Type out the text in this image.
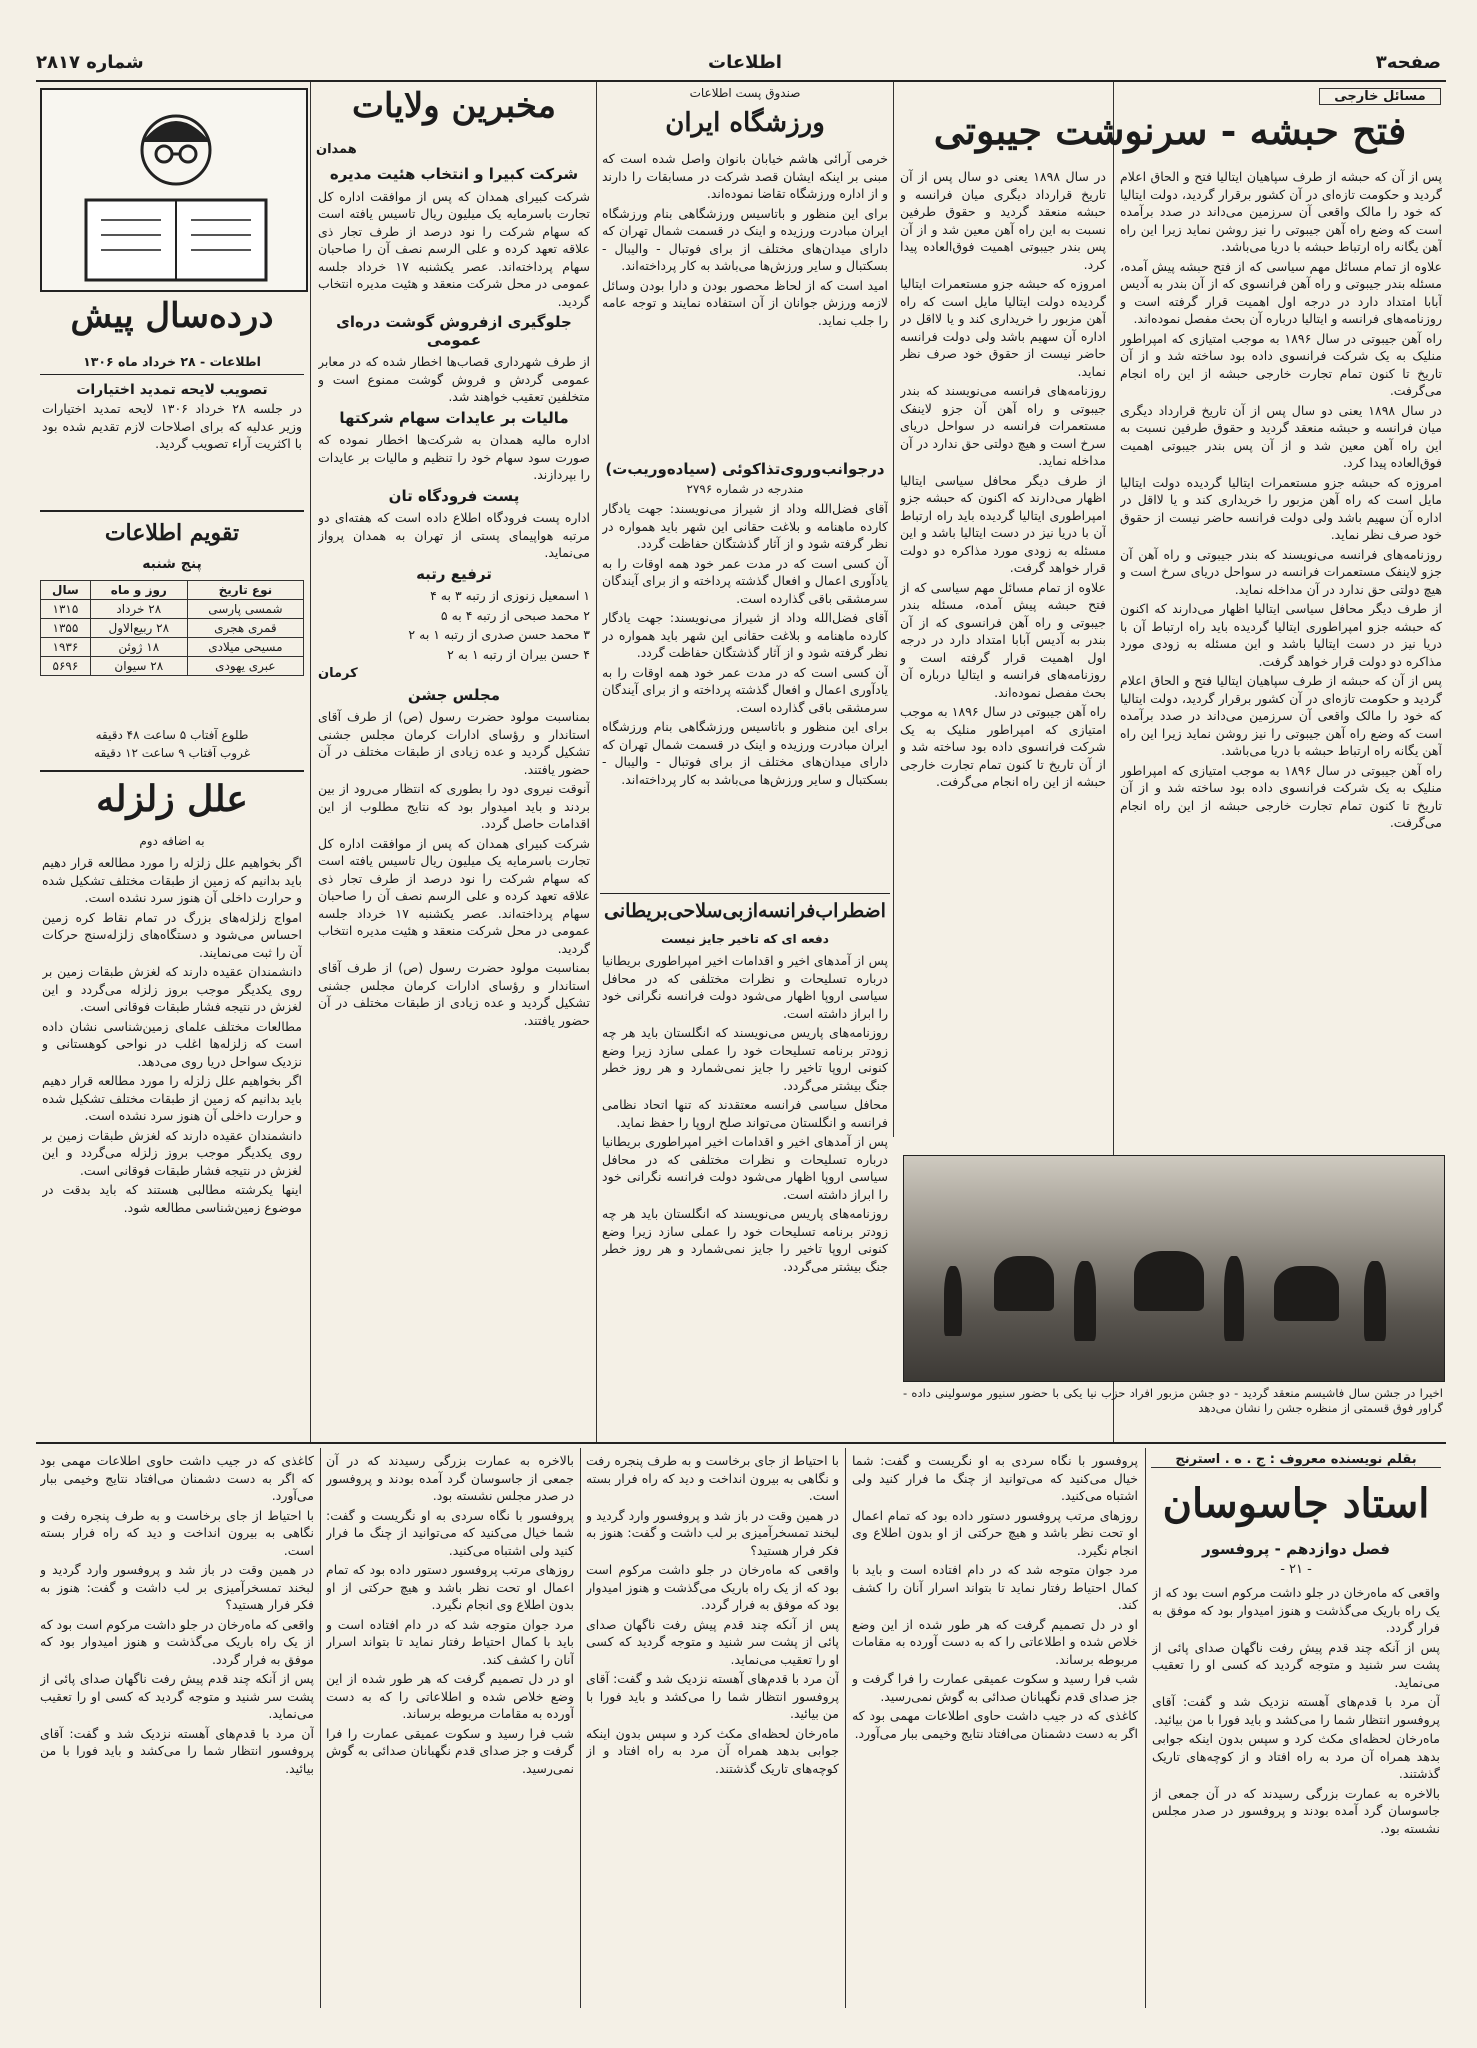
صفحه۳
اطلاعات
شماره ۲۸۱۷
مسائل خارجی
فتح حبشه - سرنوشت جیبوتی

پس از آن که حبشه از طرف سپاهیان ایتالیا فتح و الحاق اعلام گردید و حکومت تازه‌ای در آن کشور برقرار گردید، دولت ایتالیا که خود را مالک واقعی آن سرزمین می‌داند در صدد برآمده است که وضع راه آهن جیبوتی را نیز روشن نماید زیرا این راه آهن یگانه راه ارتباط حبشه با دریا می‌باشد.

علاوه از تمام مسائل مهم سیاسی که از فتح حبشه پیش آمده، مسئله بندر جیبوتی و راه آهن فرانسوی که از آن بندر به آدیس آبابا امتداد دارد در درجه اول اهمیت قرار گرفته است و روزنامه‌های فرانسه و ایتالیا درباره آن بحث مفصل نموده‌اند.

راه آهن جیبوتی در سال ۱۸۹۶ به موجب امتیازی که امپراطور منلیک به یک شرکت فرانسوی داده بود ساخته شد و از آن تاریخ تا کنون تمام تجارت خارجی حبشه از این راه انجام می‌گرفت.

در سال ۱۸۹۸ یعنی دو سال پس از آن تاریخ قرارداد دیگری میان فرانسه و حبشه منعقد گردید و حقوق طرفین نسبت به این راه آهن معین شد و از آن پس بندر جیبوتی اهمیت فوق‌العاده پیدا کرد.

امروزه که حبشه جزو مستعمرات ایتالیا گردیده دولت ایتالیا مایل است که راه آهن مزبور را خریداری کند و یا لااقل در اداره آن سهیم باشد ولی دولت فرانسه حاضر نیست از حقوق خود صرف نظر نماید.

روزنامه‌های فرانسه می‌نویسند که بندر جیبوتی و راه آهن آن جزو لاینفک مستعمرات فرانسه در سواحل دریای سرخ است و هیچ دولتی حق ندارد در آن مداخله نماید.

از طرف دیگر محافل سیاسی ایتالیا اظهار می‌دارند که اکنون که حبشه جزو امپراطوری ایتالیا گردیده باید راه ارتباط آن با دریا نیز در دست ایتالیا باشد و این مسئله به زودی مورد مذاکره دو دولت قرار خواهد گرفت.

پس از آن که حبشه از طرف سپاهیان ایتالیا فتح و الحاق اعلام گردید و حکومت تازه‌ای در آن کشور برقرار گردید، دولت ایتالیا که خود را مالک واقعی آن سرزمین می‌داند در صدد برآمده است که وضع راه آهن جیبوتی را نیز روشن نماید زیرا این راه آهن یگانه راه ارتباط حبشه با دریا می‌باشد.

راه آهن جیبوتی در سال ۱۸۹۶ به موجب امتیازی که امپراطور منلیک به یک شرکت فرانسوی داده بود ساخته شد و از آن تاریخ تا کنون تمام تجارت خارجی حبشه از این راه انجام می‌گرفت.

در سال ۱۸۹۸ یعنی دو سال پس از آن تاریخ قرارداد دیگری میان فرانسه و حبشه منعقد گردید و حقوق طرفین نسبت به این راه آهن معین شد و از آن پس بندر جیبوتی اهمیت فوق‌العاده پیدا کرد.

امروزه که حبشه جزو مستعمرات ایتالیا گردیده دولت ایتالیا مایل است که راه آهن مزبور را خریداری کند و یا لااقل در اداره آن سهیم باشد ولی دولت فرانسه حاضر نیست از حقوق خود صرف نظر نماید.

روزنامه‌های فرانسه می‌نویسند که بندر جیبوتی و راه آهن آن جزو لاینفک مستعمرات فرانسه در سواحل دریای سرخ است و هیچ دولتی حق ندارد در آن مداخله نماید.

از طرف دیگر محافل سیاسی ایتالیا اظهار می‌دارند که اکنون که حبشه جزو امپراطوری ایتالیا گردیده باید راه ارتباط آن با دریا نیز در دست ایتالیا باشد و این مسئله به زودی مورد مذاکره دو دولت قرار خواهد گرفت.

علاوه از تمام مسائل مهم سیاسی که از فتح حبشه پیش آمده، مسئله بندر جیبوتی و راه آهن فرانسوی که از آن بندر به آدیس آبابا امتداد دارد در درجه اول اهمیت قرار گرفته است و روزنامه‌های فرانسه و ایتالیا درباره آن بحث مفصل نموده‌اند.

راه آهن جیبوتی در سال ۱۸۹۶ به موجب امتیازی که امپراطور منلیک به یک شرکت فرانسوی داده بود ساخته شد و از آن تاریخ تا کنون تمام تجارت خارجی حبشه از این راه انجام می‌گرفت.

اخیرا در جشن سال فاشیسم منعقد گردید - دو جشن مزبور افراد حزب نیا یکی با حضور سنیور موسولینی داده - گراور فوق قسمتی از منظره جشن را نشان می‌دهد
صندوق پست اطلاعات
ورزشگاه ایران

خرمی آرائی هاشم خیابان بانوان واصل شده است که مبنی بر اینکه ایشان قصد شرکت در مسابقات را دارند و از اداره ورزشگاه تقاضا نموده‌اند.

برای این منظور و باتاسیس ورزشگاهی بنام ورزشگاه ایران مبادرت ورزیده و اینک در قسمت شمال تهران که دارای میدان‌های مختلف از برای فوتبال - والیبال - بسکتبال و سایر ورزش‌ها می‌باشد به کار پرداخته‌اند.

امید است که از لحاظ محصور بودن و دارا بودن وسائل لازمه ورزش جوانان از آن استفاده نمایند و توجه عامه را جلب نماید.

درجوانب‌وروی‌تذاکوئی (سیاده‌وریب‌ت)
مندرجه در شماره ۲۷۹۶

آقای فضل‌الله وداد از شیراز می‌نویسند: جهت یادگار کارده ماهنامه و بلاغت حقانی این شهر باید همواره در نظر گرفته شود و از آثار گذشتگان حفاظت گردد.

آن کسی است که در مدت عمر خود همه اوقات را به یادآوری اعمال و افعال گذشته پرداخته و از برای آیندگان سرمشقی باقی گذارده است.

آقای فضل‌الله وداد از شیراز می‌نویسند: جهت یادگار کارده ماهنامه و بلاغت حقانی این شهر باید همواره در نظر گرفته شود و از آثار گذشتگان حفاظت گردد.

آن کسی است که در مدت عمر خود همه اوقات را به یادآوری اعمال و افعال گذشته پرداخته و از برای آیندگان سرمشقی باقی گذارده است.

برای این منظور و باتاسیس ورزشگاهی بنام ورزشگاه ایران مبادرت ورزیده و اینک در قسمت شمال تهران که دارای میدان‌های مختلف از برای فوتبال - والیبال - بسکتبال و سایر ورزش‌ها می‌باشد به کار پرداخته‌اند.

اضطراب‌فرانسه‌ازبی‌سلاحی‌بریطانی
دفعه ای که تاخیر جایز نیست

پس از آمدهای اخیر و اقدامات اخیر امپراطوری بریطانیا درباره تسلیحات و نظرات مختلفی که در محافل سیاسی اروپا اظهار می‌شود دولت فرانسه نگرانی خود را ابراز داشته است.

روزنامه‌های پاریس می‌نویسند که انگلستان باید هر چه زودتر برنامه تسلیحات خود را عملی سازد زیرا وضع کنونی اروپا تاخیر را جایز نمی‌شمارد و هر روز خطر جنگ بیشتر می‌گردد.

محافل سیاسی فرانسه معتقدند که تنها اتحاد نظامی فرانسه و انگلستان می‌تواند صلح اروپا را حفظ نماید.

پس از آمدهای اخیر و اقدامات اخیر امپراطوری بریطانیا درباره تسلیحات و نظرات مختلفی که در محافل سیاسی اروپا اظهار می‌شود دولت فرانسه نگرانی خود را ابراز داشته است.

روزنامه‌های پاریس می‌نویسند که انگلستان باید هر چه زودتر برنامه تسلیحات خود را عملی سازد زیرا وضع کنونی اروپا تاخیر را جایز نمی‌شمارد و هر روز خطر جنگ بیشتر می‌گردد.

مخبرین ولایات
همدان
شرکت کبیرا و انتخاب هئیت مدیره

شرکت کبیرای همدان که پس از موافقت اداره کل تجارت باسرمایه یک میلیون ریال تاسیس یافته است که سهام شرکت را نود درصد از طرف تجار ذی علاقه تعهد کرده و علی الرسم نصف آن را صاحبان سهام پرداخته‌اند. عصر یکشنبه ۱۷ خرداد جلسه عمومی در محل شرکت منعقد و هئیت مدیره انتخاب گردید.

جلوگیری ازفروش گوشت دره‌ای عمومی

از طرف شهرداری قصاب‌ها اخطار شده که در معابر عمومی گردش و فروش گوشت ممنوع است و متخلفین تعقیب خواهند شد.

مالیات بر عایدات سهام شرکتها

اداره مالیه همدان به شرکت‌ها اخطار نموده که صورت سود سهام خود را تنظیم و مالیات بر عایدات را بپردازند.

پست فرودگاه تان

اداره پست فرودگاه اطلاع داده است که هفته‌ای دو مرتبه هواپیمای پستی از تهران به همدان پرواز می‌نماید.

ترفیع رتبه

۱ اسمعیل زنوزی از رتبه ۳ به ۴

۲ محمد صبحی از رتبه ۴ به ۵

۳ محمد حسن صدری از رتبه ۱ به ۲

۴ حسن بیران از رتبه ۱ به ۲

کرمان
مجلس جشن

بمناسبت مولود حضرت رسول (ص) از طرف آقای استاندار و رؤسای ادارات کرمان مجلس جشنی تشکیل گردید و عده زیادی از طبقات مختلف در آن حضور یافتند.

آنوقت نیروی دود را بطوری که انتظار می‌رود از بین بردند و باید امیدوار بود که نتایج مطلوب از این اقدامات حاصل گردد.

شرکت کبیرای همدان که پس از موافقت اداره کل تجارت باسرمایه یک میلیون ریال تاسیس یافته است که سهام شرکت را نود درصد از طرف تجار ذی علاقه تعهد کرده و علی الرسم نصف آن را صاحبان سهام پرداخته‌اند. عصر یکشنبه ۱۷ خرداد جلسه عمومی در محل شرکت منعقد و هئیت مدیره انتخاب گردید.

بمناسبت مولود حضرت رسول (ص) از طرف آقای استاندار و رؤسای ادارات کرمان مجلس جشنی تشکیل گردید و عده زیادی از طبقات مختلف در آن حضور یافتند.

درده‌سال پیش
اطلاعات - ۲۸ خرداد ماه ۱۳۰۶
تصویب لایحه تمدید اختیارات

در جلسه ۲۸ خرداد ۱۳۰۶ لایحه تمدید اختیارات وزیر عدلیه که برای اصلاحات لازم تقدیم شده بود با اکثریت آراء تصویب گردید.

تقویم اطلاعات
پنج شنبه
نوع تاریخ	روز و ماه	سال
شمسی پارسی	۲۸ خرداد	۱۳۱۵
قمری هجری	۲۸ ربیع‌الاول	۱۳۵۵
مسیحی میلادی	۱۸ ژوئن	۱۹۳۶
عبری یهودی	۲۸ سیوان	۵۶۹۶
طلوع آفتاب ۵ ساعت ۴۸ دقیقه
غروب آفتاب ۹ ساعت ۱۲ دقیقه
علل زلزله
به اضافه دوم

اگر بخواهیم علل زلزله را مورد مطالعه قرار دهیم باید بدانیم که زمین از طبقات مختلف تشکیل شده و حرارت داخلی آن هنوز سرد نشده است.

امواج زلزله‌های بزرگ در تمام نقاط کره زمین احساس می‌شود و دستگاه‌های زلزله‌سنج حرکات آن را ثبت می‌نمایند.

دانشمندان عقیده دارند که لغزش طبقات زمین بر روی یکدیگر موجب بروز زلزله می‌گردد و این لغزش در نتیجه فشار طبقات فوقانی است.

مطالعات مختلف علمای زمین‌شناسی نشان داده است که زلزله‌ها اغلب در نواحی کوهستانی و نزدیک سواحل دریا روی می‌دهد.

اگر بخواهیم علل زلزله را مورد مطالعه قرار دهیم باید بدانیم که زمین از طبقات مختلف تشکیل شده و حرارت داخلی آن هنوز سرد نشده است.

دانشمندان عقیده دارند که لغزش طبقات زمین بر روی یکدیگر موجب بروز زلزله می‌گردد و این لغزش در نتیجه فشار طبقات فوقانی است.

اینها یکرشته مطالبی هستند که باید بدقت در موضوع زمین‌شناسی مطالعه شود.

بقلم نویسنده معروف : ج . ه . استرنج
استاد جاسوسان
فصل دوازدهم - پروفسور
- ۲۱ -

واقعی که ماه‌رخان در جلو داشت مرکوم است بود که از یک راه باریک می‌گذشت و هنوز امیدوار بود که موفق به فرار گردد.

پس از آنکه چند قدم پیش رفت ناگهان صدای پائی از پشت سر شنید و متوجه گردید که کسی او را تعقیب می‌نماید.

آن مرد با قدم‌های آهسته نزدیک شد و گفت: آقای پروفسور انتظار شما را می‌کشد و باید فورا با من بیائید.

ماه‌رخان لحظه‌ای مکث کرد و سپس بدون اینکه جوابی بدهد همراه آن مرد به راه افتاد و از کوچه‌های تاریک گذشتند.

بالاخره به عمارت بزرگی رسیدند که در آن جمعی از جاسوسان گرد آمده بودند و پروفسور در صدر مجلس نشسته بود.

پروفسور با نگاه سردی به او نگریست و گفت: شما خیال می‌کنید که می‌توانید از چنگ ما فرار کنید ولی اشتباه می‌کنید.

روزهای مرتب پروفسور دستور داده بود که تمام اعمال او تحت نظر باشد و هیچ حرکتی از او بدون اطلاع وی انجام نگیرد.

مرد جوان متوجه شد که در دام افتاده است و باید با کمال احتیاط رفتار نماید تا بتواند اسرار آنان را کشف کند.

او در دل تصمیم گرفت که هر طور شده از این وضع خلاص شده و اطلاعاتی را که به دست آورده به مقامات مربوطه برساند.

شب فرا رسید و سکوت عمیقی عمارت را فرا گرفت و جز صدای قدم نگهبانان صدائی به گوش نمی‌رسید.

کاغذی که در جیب داشت حاوی اطلاعات مهمی بود که اگر به دست دشمنان می‌افتاد نتایج وخیمی ببار می‌آورد.

با احتیاط از جای برخاست و به طرف پنجره رفت و نگاهی به بیرون انداخت و دید که راه فرار بسته است.

در همین وقت در باز شد و پروفسور وارد گردید و لبخند تمسخرآمیزی بر لب داشت و گفت: هنوز به فکر فرار هستید؟

واقعی که ماه‌رخان در جلو داشت مرکوم است بود که از یک راه باریک می‌گذشت و هنوز امیدوار بود که موفق به فرار گردد.

پس از آنکه چند قدم پیش رفت ناگهان صدای پائی از پشت سر شنید و متوجه گردید که کسی او را تعقیب می‌نماید.

آن مرد با قدم‌های آهسته نزدیک شد و گفت: آقای پروفسور انتظار شما را می‌کشد و باید فورا با من بیائید.

ماه‌رخان لحظه‌ای مکث کرد و سپس بدون اینکه جوابی بدهد همراه آن مرد به راه افتاد و از کوچه‌های تاریک گذشتند.

بالاخره به عمارت بزرگی رسیدند که در آن جمعی از جاسوسان گرد آمده بودند و پروفسور در صدر مجلس نشسته بود.

پروفسور با نگاه سردی به او نگریست و گفت: شما خیال می‌کنید که می‌توانید از چنگ ما فرار کنید ولی اشتباه می‌کنید.

روزهای مرتب پروفسور دستور داده بود که تمام اعمال او تحت نظر باشد و هیچ حرکتی از او بدون اطلاع وی انجام نگیرد.

مرد جوان متوجه شد که در دام افتاده است و باید با کمال احتیاط رفتار نماید تا بتواند اسرار آنان را کشف کند.

او در دل تصمیم گرفت که هر طور شده از این وضع خلاص شده و اطلاعاتی را که به دست آورده به مقامات مربوطه برساند.

شب فرا رسید و سکوت عمیقی عمارت را فرا گرفت و جز صدای قدم نگهبانان صدائی به گوش نمی‌رسید.

کاغذی که در جیب داشت حاوی اطلاعات مهمی بود که اگر به دست دشمنان می‌افتاد نتایج وخیمی ببار می‌آورد.

با احتیاط از جای برخاست و به طرف پنجره رفت و نگاهی به بیرون انداخت و دید که راه فرار بسته است.

در همین وقت در باز شد و پروفسور وارد گردید و لبخند تمسخرآمیزی بر لب داشت و گفت: هنوز به فکر فرار هستید؟

واقعی که ماه‌رخان در جلو داشت مرکوم است بود که از یک راه باریک می‌گذشت و هنوز امیدوار بود که موفق به فرار گردد.

پس از آنکه چند قدم پیش رفت ناگهان صدای پائی از پشت سر شنید و متوجه گردید که کسی او را تعقیب می‌نماید.

آن مرد با قدم‌های آهسته نزدیک شد و گفت: آقای پروفسور انتظار شما را می‌کشد و باید فورا با من بیائید.
